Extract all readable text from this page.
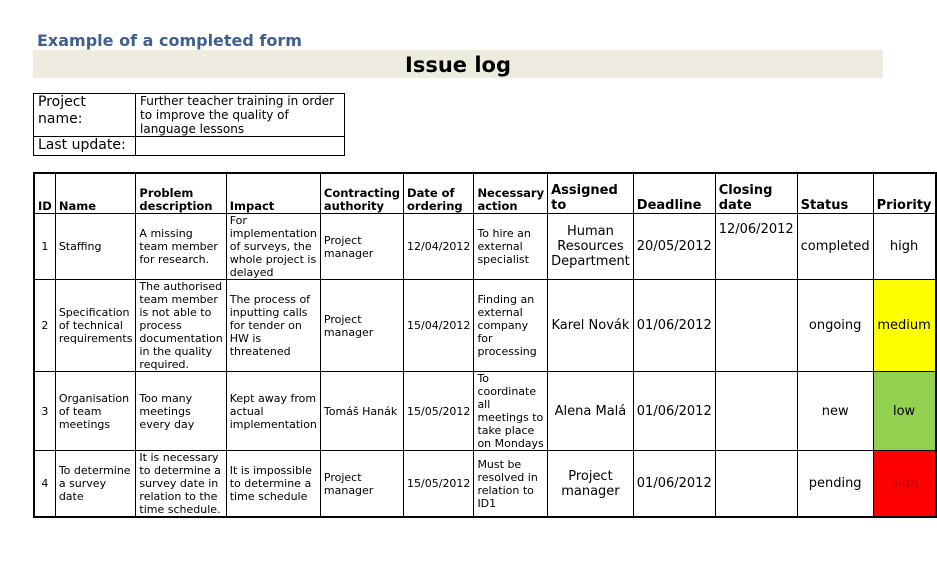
Example of a completed form
Issue log
Project name:	Further teacher training in order to improve the quality of language lessons
Last update:	
ID	Name	Problem description	Impact	Contracting authority	Date of ordering	Necessary action	Assigned to	Deadline	Closing date	Status	Priority
1	Staffing	A missing team member for research.	For implementation of surveys, the whole project is delayed	Project manager	12/04/2012	To hire an external specialist	Human Resources Department	20/05/2012	12/06/2012	completed	high
2	Specification of technical requirements	The authorised team member is not able to process documentation in the quality required.	The process of inputting calls for tender on HW is threatened	Project manager	15/04/2012	Finding an external company for processing	Karel Novák	01/06/2012		ongoing	medium
3	Organisation of team meetings	Too many meetings every day	Kept away from actual implementation	Tomáš Hanák	15/05/2012	To coordinate all meetings to take place on Mondays	Alena Malá	01/06/2012		new	low
4	To determine a survey date	It is necessary to determine a survey date in relation to the time schedule.	It is impossible to determine a time schedule	Project manager	15/05/2012	Must be resolved in relation to ID1	Project manager	01/06/2012		pending	high
